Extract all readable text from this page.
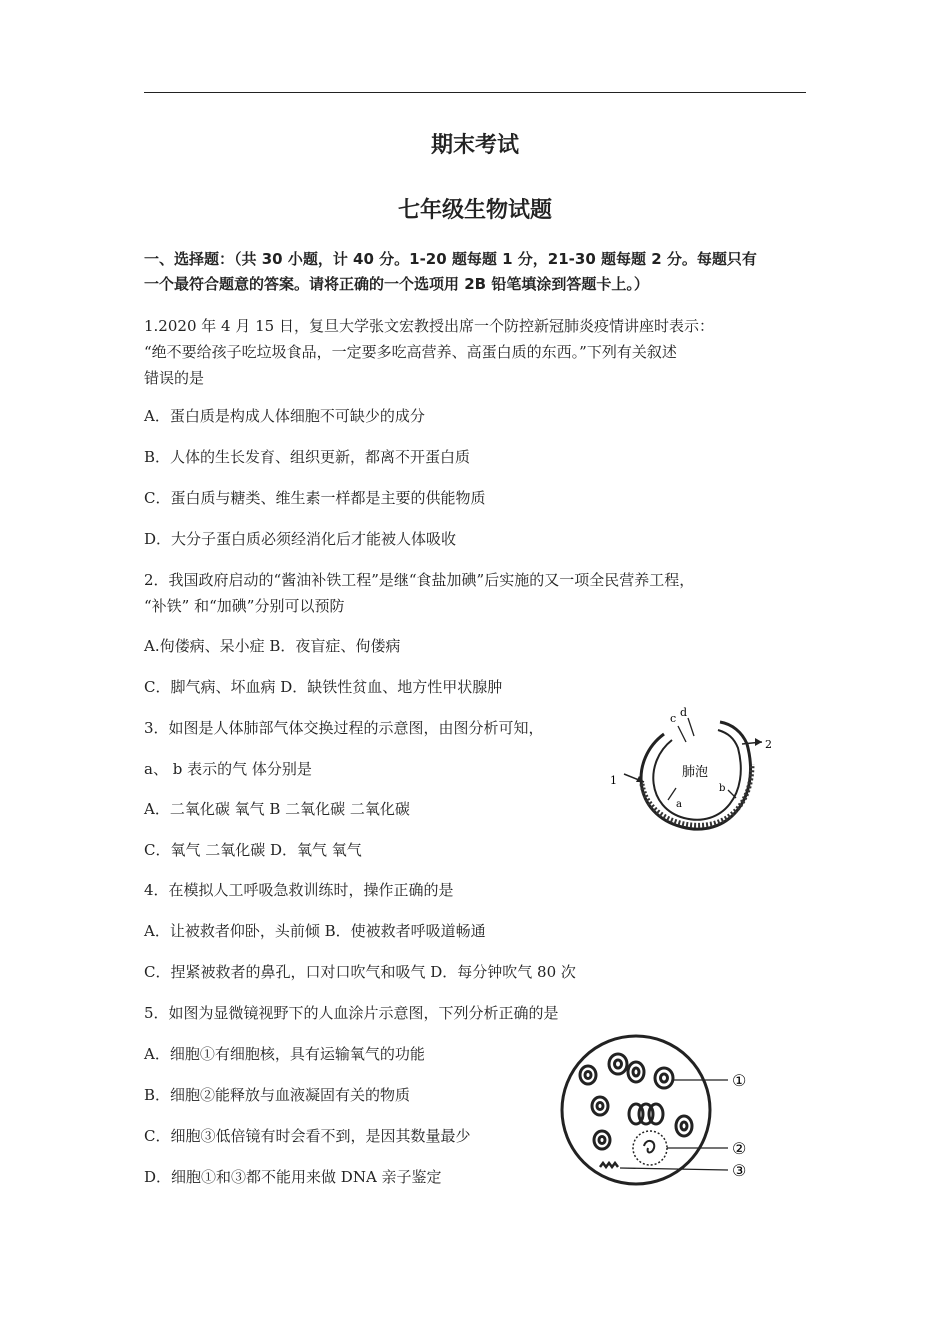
期末考试
七年级生物试题
一、选择题：（共 30 小题，计 40 分。1-20 题每题 1 分，21-30 题每题 2 分。每题只有
一个最符合题意的答案。请将正确的一个选项用 2B 铅笔填涂到答题卡上。）
1.2020 年 4 月 15 日，复旦大学张文宏教授出席一个防控新冠肺炎疫情讲座时表示：
“绝不要给孩子吃垃圾食品，一定要多吃高营养、高蛋白质的东西。”下列有关叙述
错误的是
A．蛋白质是构成人体细胞不可缺少的成分
B．人体的生长发育、组织更新，都离不开蛋白质
C．蛋白质与糖类、维生素一样都是主要的供能物质
D．大分子蛋白质必须经消化后才能被人体吸收
2．我国政府启动的“酱油补铁工程”是继“食盐加碘”后实施的又一项全民营养工程，
“补铁” 和“加碘”分别可以预防
A.佝偻病、呆小症 B．夜盲症、佝偻病
C．脚气病、坏血病 D．缺铁性贫血、地方性甲状腺肿
3．如图是人体肺部气体交换过程的示意图，由图分析可知，
a、 b 表示的气 体分别是
A．二氧化碳 氧气 B 二氧化碳 二氧化碳
C．氧气 二氧化碳 D．氧气 氧气
肺泡
a
b
c d
1
2
4．在模拟人工呼吸急救训练时，操作正确的是
A．让被救者仰卧，头前倾 B．使被救者呼吸道畅通
C．捏紧被救者的鼻孔，口对口吹气和吸气 D．每分钟吹气 80 次
5．如图为显微镜视野下的人血涂片示意图，下列分析正确的是
A．细胞①有细胞核，具有运输氧气的功能
B．细胞②能释放与血液凝固有关的物质
C．细胞③低倍镜有时会看不到，是因其数量最少
D．细胞①和③都不能用来做 DNA 亲子鉴定
①
②
③
